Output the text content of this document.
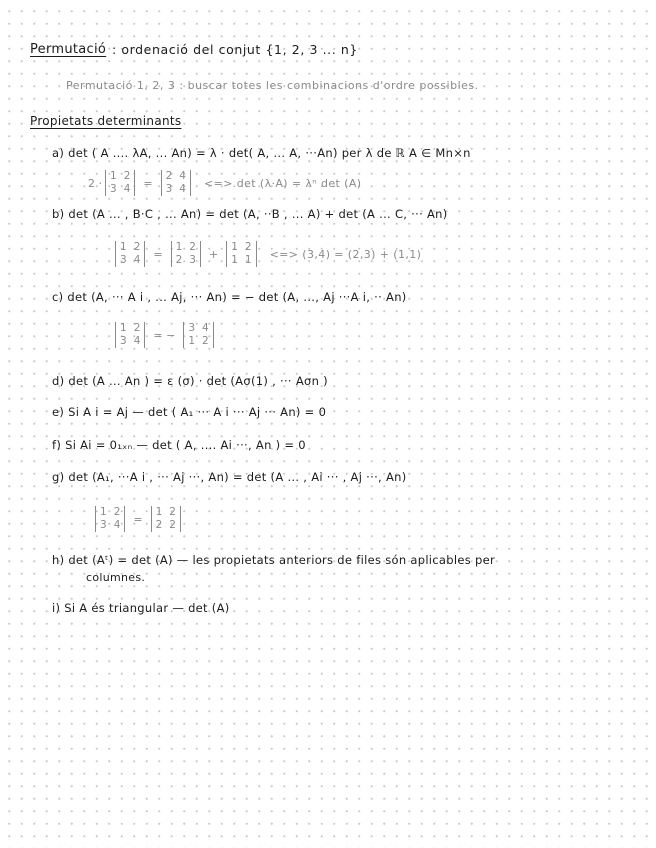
Permutació : ordenació del conjut {1, 2, 3 ... n}
Permutació 1, 2, 3 : buscar totes les combinacions d'ordre possibles.
Propietats determinants
a) det ( A .... λA, ... An) = λ · det( A, ... A, ···An) per λ de ℝ A ∈ Mn×n
2 ·
1 2
3 4 =
2 4
3 4 <=> det (λ·A) = λⁿ det (A)
b) det (A ... , B·C , ... An) = det (A, ··B , ... A) + det (A ... C, ··· An)
1 2
3 4 =
1 2
2 3 +
1 2
1 1 <=> (3,4) = (2,3) + (1,1)
c) det (A, ··· A i , ... Aj, ··· An) = − det (A, ..., Aj ···A i, ·· An)
1 2
3 4 = −
3 4
1 2
d) det (A ... An ) = ε (σ) · det (Aσ(1) , ··· Aσn )
e) Si A i = Aj — det ( A₁ ··· A i ··· Aj ··· An) = 0
f) Si Ai = 0₁ₓₙ — det ( A, .... Ai ···, An ) = 0
g) det (A₁, ···A i , ··· Aj ···, An) = det (A ... , Ai ··· , Aj ···, An)
1 2
3 4 =
1 2
2 2
h) det (Aᵗ) = det (A) — les propietats anteriors de files són aplicables per
columnes.
i) Si A és triangular — det (A)
